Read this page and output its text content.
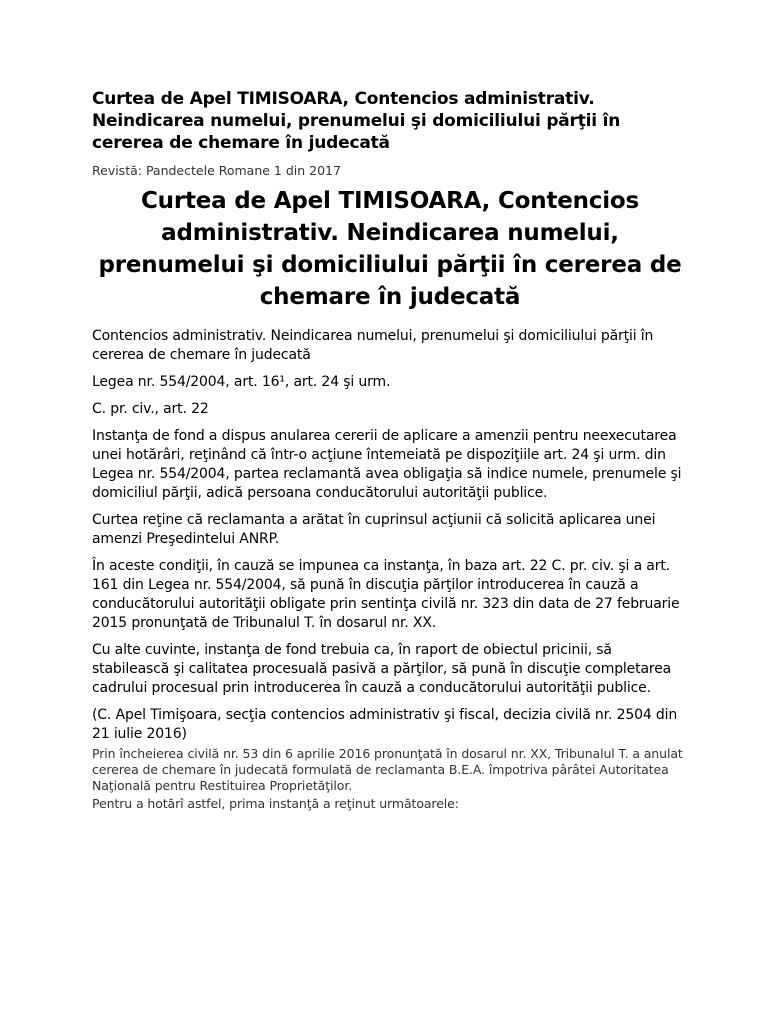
Curtea de Apel TIMISOARA, Contencios administrativ. Neindicarea numelui, prenumelui şi domiciliului părţii în cererea de chemare în judecată
Revistă: Pandectele Romane 1 din 2017
Curtea de Apel TIMISOARA, Contencios administrativ. Neindicarea numelui, prenumelui şi domiciliului părţii în cererea de chemare în judecată
Contencios administrativ. Neindicarea numelui, prenumelui şi domiciliului părţii în cererea de chemare în judecată
Legea nr. 554/2004, art. 16¹, art. 24 şi urm.
C. pr. civ., art. 22
Instanţa de fond a dispus anularea cererii de aplicare a amenzii pentru neexecutarea unei hotărâri, reţinând că într-o acţiune întemeiată pe dispoziţiile art. 24 şi urm. din Legea nr. 554/2004, partea reclamantă avea obligaţia să indice numele, prenumele şi domiciliul părţii, adică persoana conducătorului autorităţii publice.
Curtea reţine că reclamanta a arătat în cuprinsul acţiunii că solicită aplicarea unei amenzi Preşedintelui ANRP.
În aceste condiţii, în cauză se impunea ca instanţa, în baza art. 22 C. pr. civ. şi a art. 161 din Legea nr. 554/2004, să pună în discuţia părţilor introducerea în cauză a conducătorului autorităţii obligate prin sentinţa civilă nr. 323 din data de 27 februarie 2015 pronunţată de Tribunalul T. în dosarul nr. XX.
Cu alte cuvinte, instanţa de fond trebuia ca, în raport de obiectul pricinii, să stabilească şi calitatea procesuală pasivă a părţilor, să pună în discuţie completarea cadrului procesual prin introducerea în cauză a conducătorului autorităţii publice.
(C. Apel Timişoara, secţia contencios administrativ şi fiscal, decizia civilă nr. 2504 din 21 iulie 2016)
Prin încheierea civilă nr. 53 din 6 aprilie 2016 pronunţată în dosarul nr. XX, Tribunalul T. a anulat cererea de chemare în judecată formulată de reclamanta B.E.A. împotriva pârâtei Autoritatea Naţională pentru Restituirea Proprietăţilor.
Pentru a hotărî astfel, prima instanţă a reţinut următoarele:
